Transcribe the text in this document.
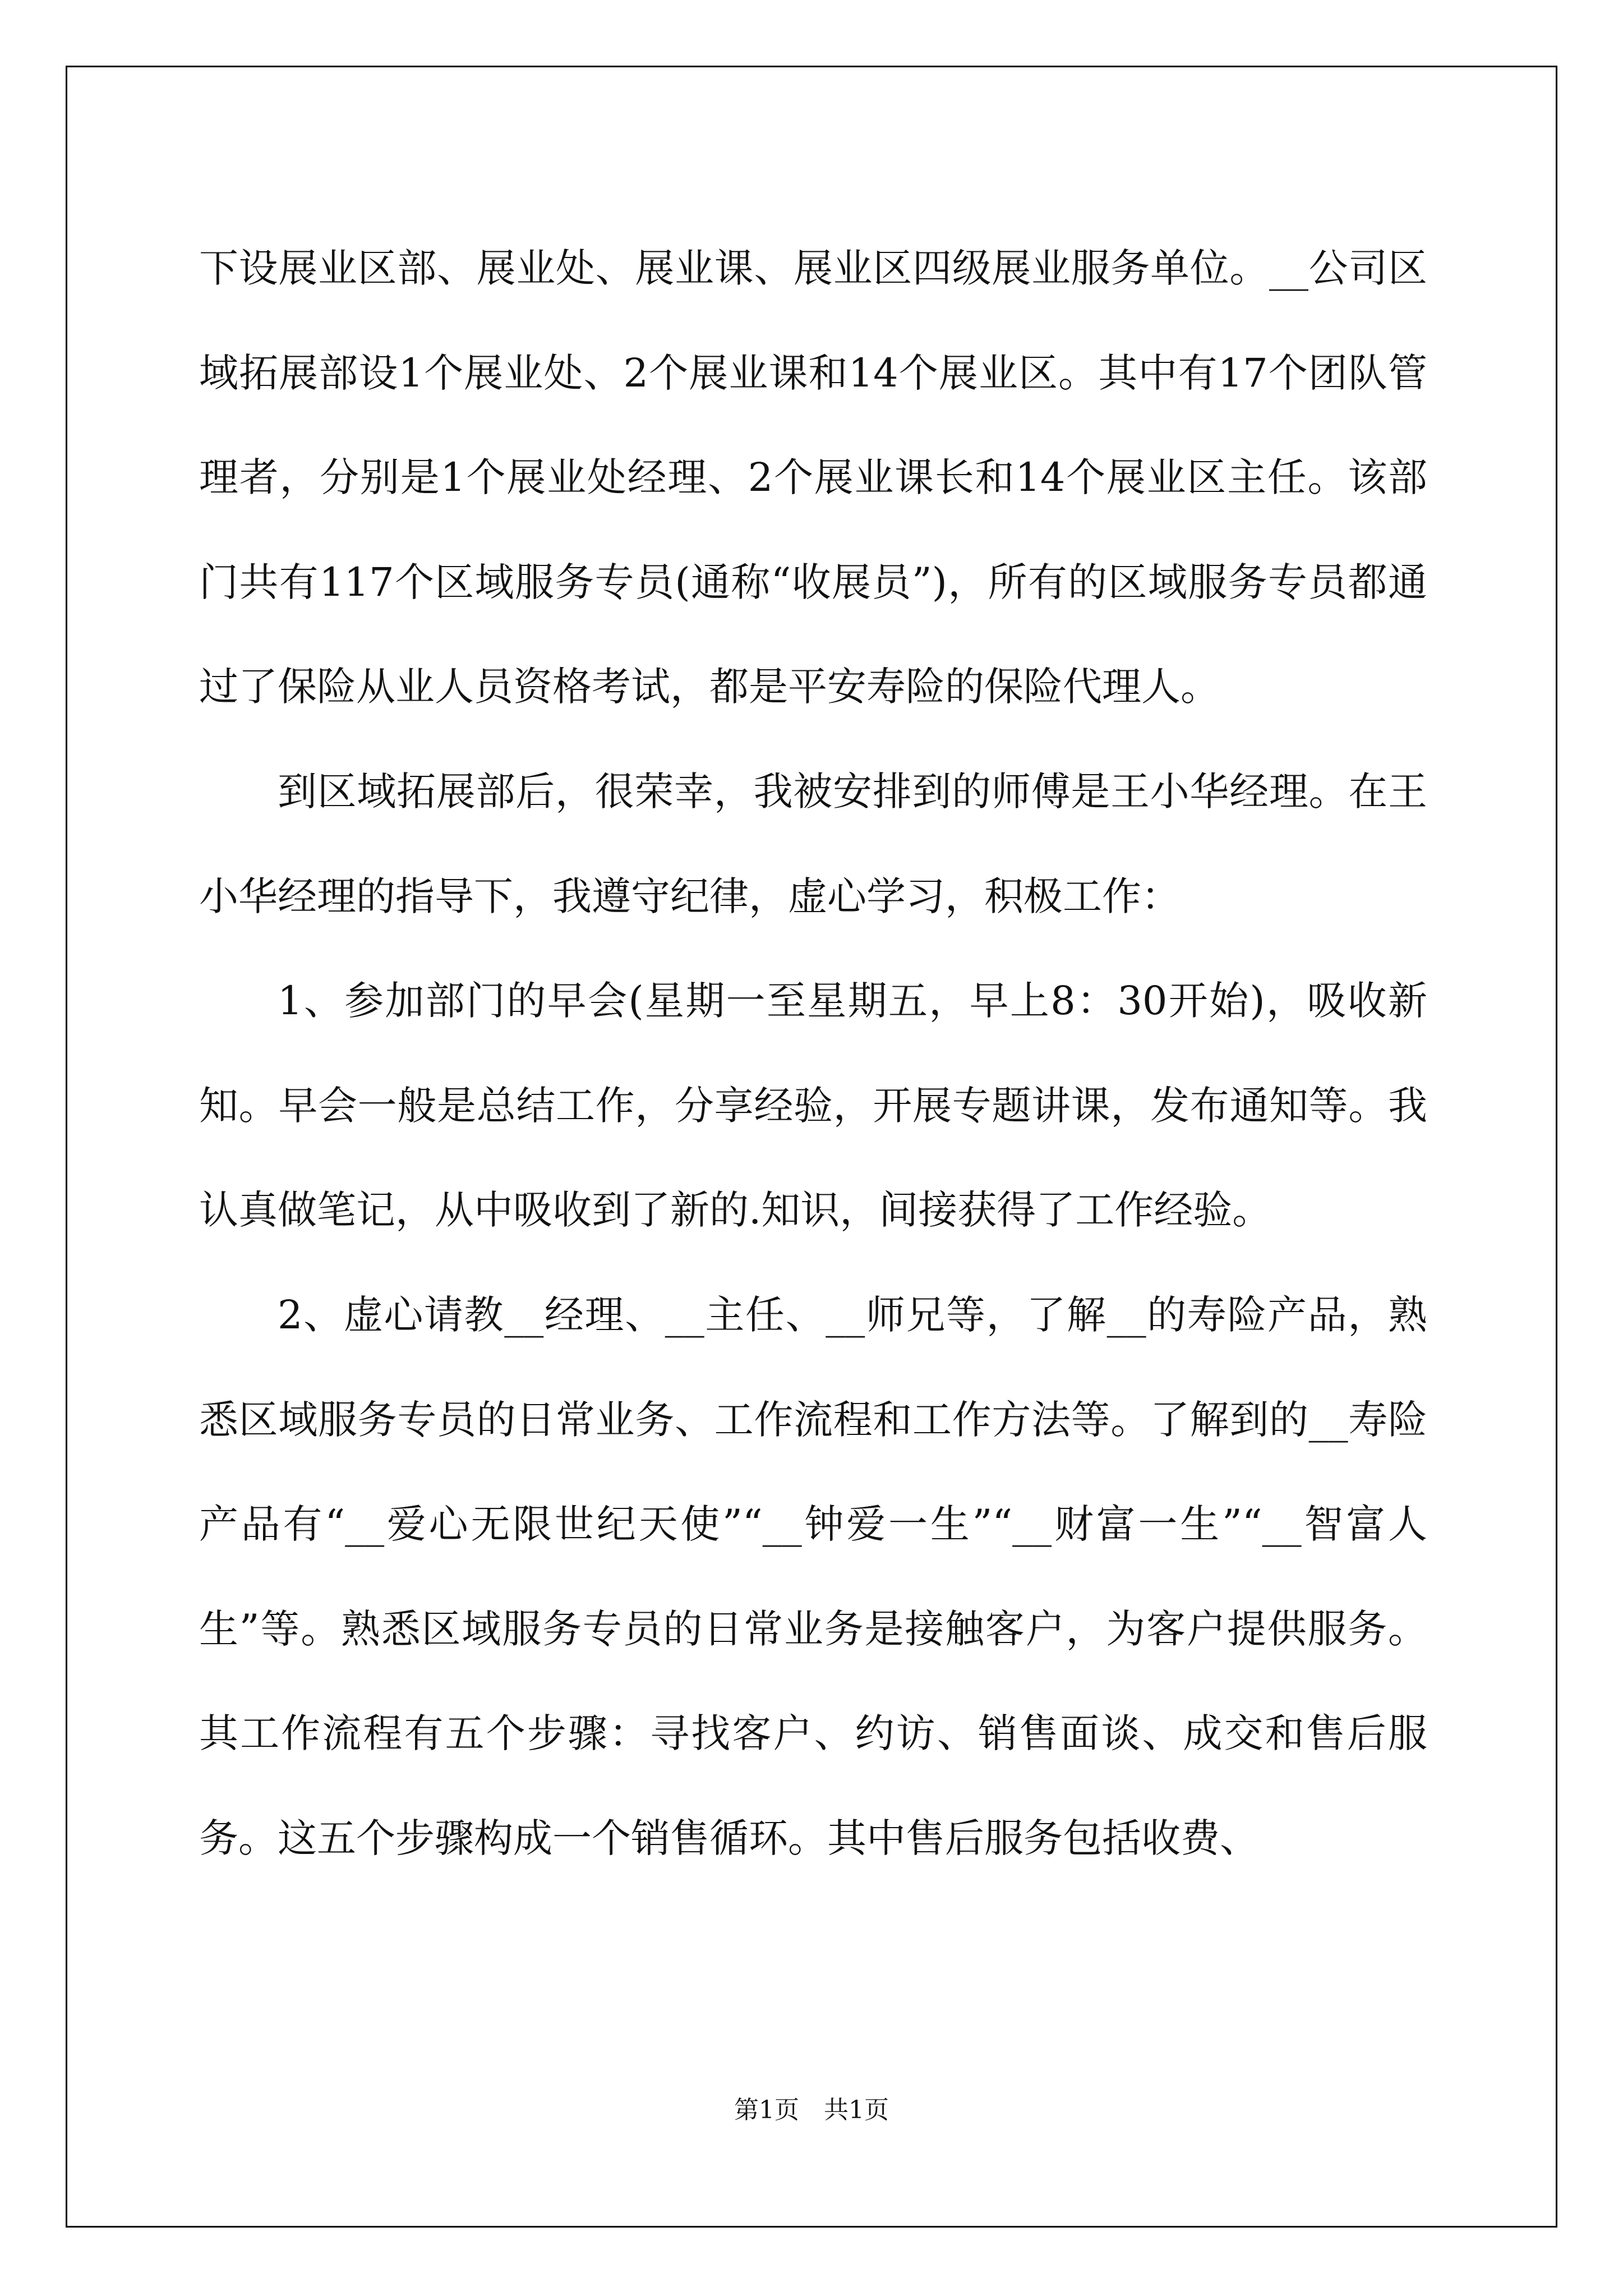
下设展业区部、展业处、展业课、展业区四级展业服务单位。__公司区域拓展部设1个展业处、2个展业课和14个展业区。其中有17个团队管理者，分别是1个展业处经理、2个展业课长和14个展业区主任。该部门共有117个区域服务专员(通称“收展员”)，所有的区域服务专员都通过了保险从业人员资格考试，都是平安寿险的保险代理人。

到区域拓展部后，很荣幸，我被安排到的师傅是王小华经理。在王小华经理的指导下，我遵守纪律，虚心学习，积极工作：

1、参加部门的早会(星期一至星期五，早上8：30开始)，吸收新知。早会一般是总结工作，分享经验，开展专题讲课，发布通知等。我认真做笔记，从中吸收到了新的.知识，间接获得了工作经验。

2、虚心请教__经理、__主任、__师兄等，了解__的寿险产品，熟悉区域服务专员的日常业务、工作流程和工作方法等。了解到的__寿险产品有“__爱心无限世纪天使”“__钟爱一生”“__财富一生”“__智富人生”等。熟悉区域服务专员的日常业务是接触客户，为客户提供服务。其工作流程有五个步骤：寻找客户、约访、销售面谈、成交和售后服务。这五个步骤构成一个销售循环。其中售后服务包括收费、

第1页　共1页
